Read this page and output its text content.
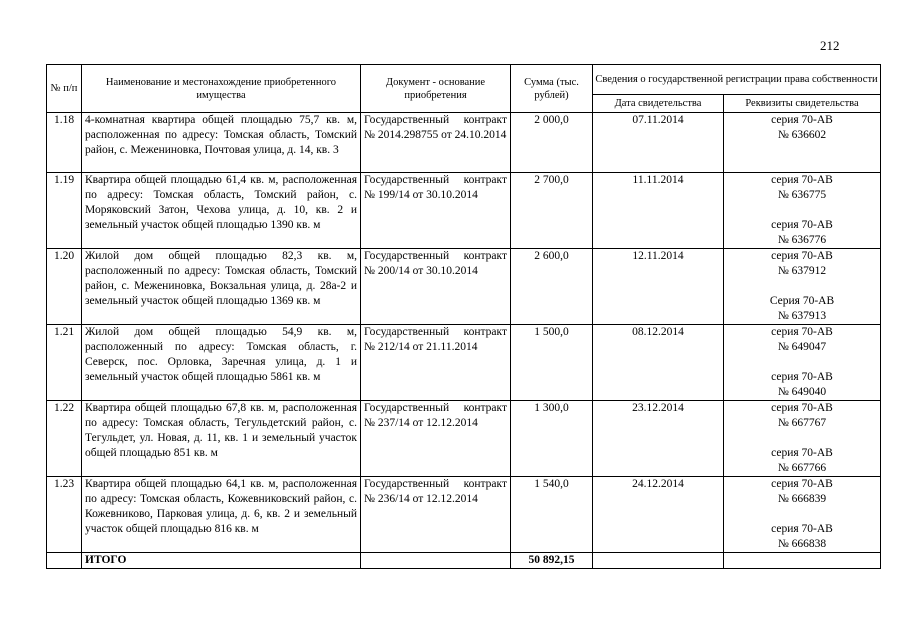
212
№ п/п	Наименование и местонахождение приобретенного имущества	Документ - основание приобретения	Сумма (тыс. рублей)	Сведения о государственной регистрации права собственности	
				Дата свидетельства	Реквизиты свидетельства
1.18	4-комнатная квартира общей площадью 75,7 кв. м, расположенная по адресу: Томская область, Томский район, с. Межениновка, Почтовая улица, д. 14, кв. 3	Государственный контракт № 2014.298755 от 24.10.2014	2 000,0	07.11.2014	серия 70-АВ
№ 636602

1.19	Квартира общей площадью 61,4 кв. м, расположенная по адресу: Томская область, Томский район, с. Моряковский Затон, Чехова улица, д. 10, кв. 2 и земельный участок общей площадью 1390 кв. м	Государственный контракт № 199/14 от 30.10.2014	2 700,0	11.11.2014	серия 70-АВ
№ 636775
серия 70-АВ
№ 636776

1.20	Жилой дом общей площадью 82,3 кв. м, расположенный по адресу: Томская область, Томский район, с. Межениновка, Вокзальная улица, д. 28а-2 и земельный участок общей площадью 1369 кв. м	Государственный контракт № 200/14 от 30.10.2014	2 600,0	12.11.2014	серия 70-АВ
№ 637912
Серия 70-АВ
№ 637913

1.21	Жилой дом общей площадью 54,9 кв. м, расположенный по адресу: Томская область, г. Северск, пос. Орловка, Заречная улица, д. 1 и земельный участок общей площадью 5861 кв. м	Государственный контракт № 212/14 от 21.11.2014	1 500,0	08.12.2014	серия 70-АВ
№ 649047
серия 70-АВ
№ 649040

1.22	Квартира общей площадью 67,8 кв. м, расположенная по адресу: Томская область, Тегульдетский район, с. Тегульдет, ул. Новая, д. 11, кв. 1 и земельный участок общей площадью 851 кв. м	Государственный контракт № 237/14 от 12.12.2014	1 300,0	23.12.2014	серия 70-АВ
№ 667767
серия 70-АВ
№ 667766

1.23	Квартира общей площадью 64,1 кв. м, расположенная по адресу: Томская область, Кожевниковский район, с. Кожевниково, Парковая улица, д. 6, кв. 2 и земельный участок общей площадью 816 кв. м	Государственный контракт № 236/14 от 12.12.2014	1 540,0	24.12.2014	серия 70-АВ
№ 666839
серия 70-АВ
№ 666838

	ИТОГО		50 892,15		
